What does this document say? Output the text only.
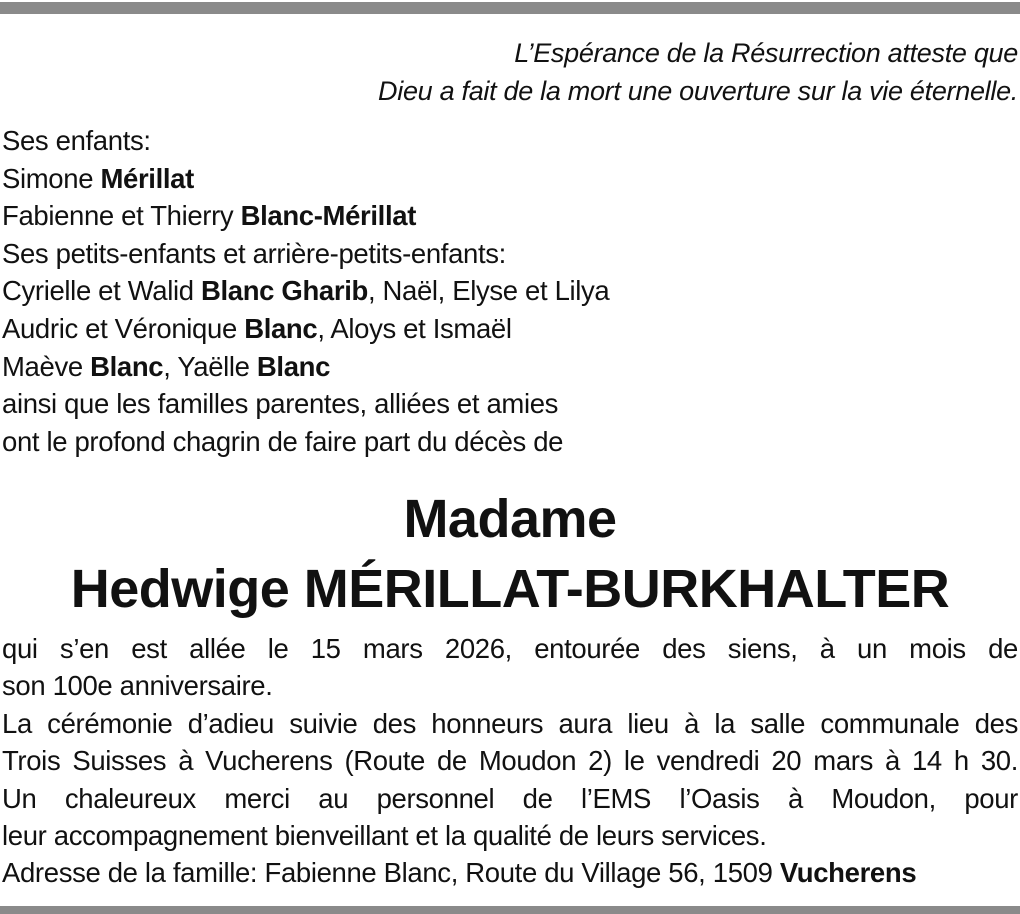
L’Espérance de la Résurrection atteste que
Dieu a fait de la mort une ouverture sur la vie éternelle.
Ses enfants:
Simone Mérillat
Fabienne et Thierry Blanc-Mérillat
Ses petits-enfants et arrière-petits-enfants:
Cyrielle et Walid Blanc Gharib, Naël, Elyse et Lilya
Audric et Véronique Blanc, Aloys et Ismaël
Maève Blanc, Yaëlle Blanc
ainsi que les familles parentes, alliées et amies
ont le profond chagrin de faire part du décès de
Madame
Hedwige MÉRILLAT-BURKHALTER
qui s’en est allée le 15 mars 2026, entourée des siens, à un mois de
son 100e anniversaire.
La cérémonie d’adieu suivie des honneurs aura lieu à la salle communale des
Trois Suisses à Vucherens (Route de Moudon 2) le vendredi 20 mars à 14 h 30.
Un chaleureux merci au personnel de l’EMS l’Oasis à Moudon, pour
leur accompagnement bienveillant et la qualité de leurs services.
Adresse de la famille: Fabienne Blanc, Route du Village 56, 1509 Vucherens
